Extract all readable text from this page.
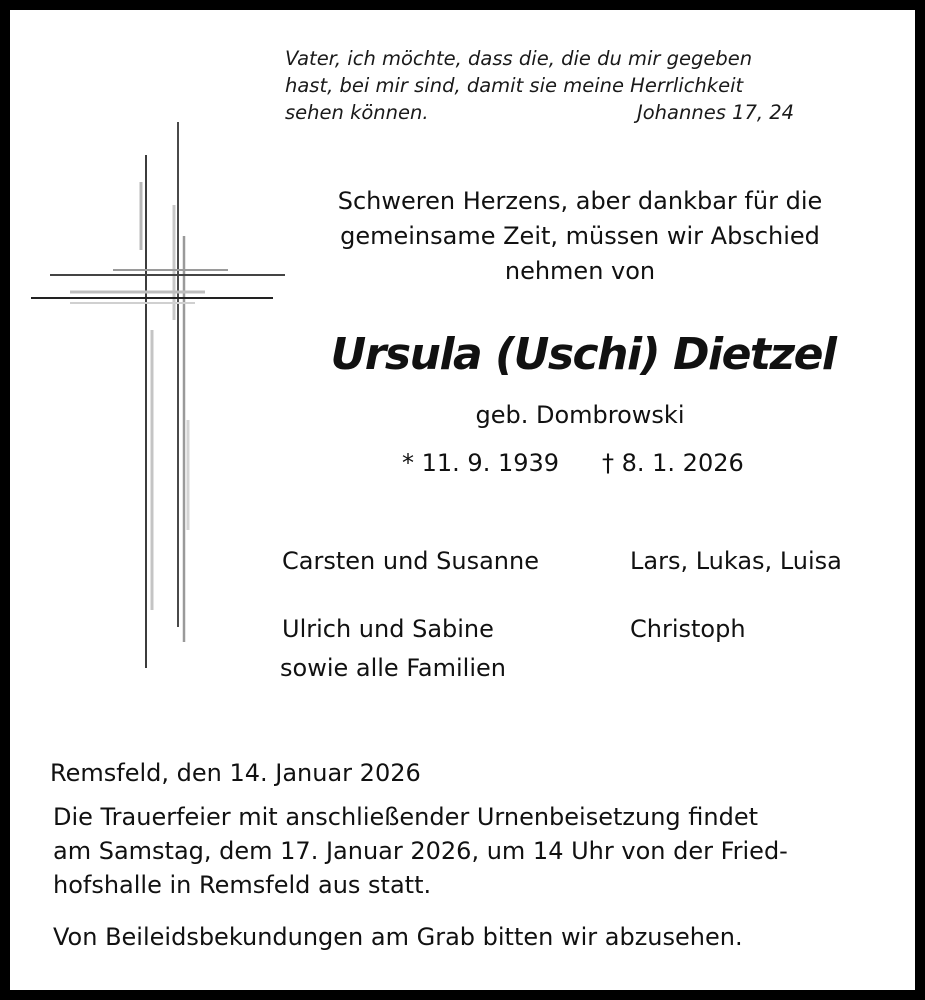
Vater, ich möchte, dass die, die du mir gegeben
hast, bei mir sind, damit sie meine Herrlichkeit
sehen können.	Johannes 17, 24
Schweren Herzens, aber dankbar für die
gemeinsame Zeit, müssen wir Abschied
nehmen von
Ursula (Uschi) Dietzel
geb. Dombrowski
* 11. 9. 1939 † 8. 1. 2026
Carsten und Susanne
Ulrich und Sabine
sowie alle Familien
Lars, Lukas, Luisa
Christoph
Remsfeld, den 14. Januar 2026
Die Trauerfeier mit anschließender Urnenbeisetzung findet
am Samstag, dem 17. Januar 2026, um 14 Uhr von der Fried-
hofshalle in Remsfeld aus statt.
Von Beileidsbekundungen am Grab bitten wir abzusehen.
